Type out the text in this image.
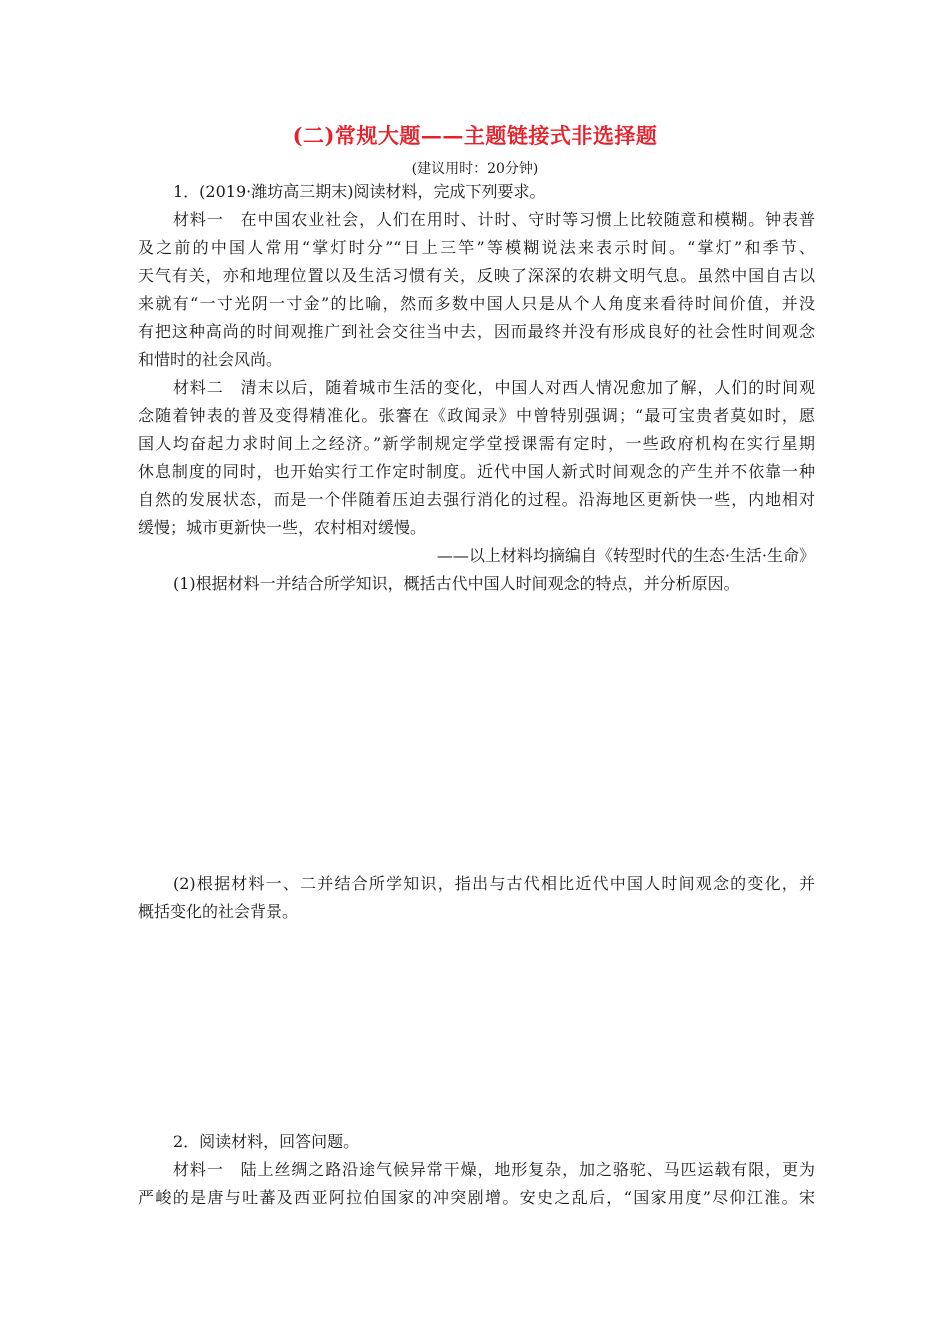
(二)常规大题——主题链接式非选择题
(建议用时：20分钟)
1．(2019·潍坊高三期末)阅读材料，完成下列要求。
材料一　在中国农业社会，人们在用时、计时、守时等习惯上比较随意和模糊。钟表普
及之前的中国人常用“掌灯时分”“日上三竿”等模糊说法来表示时间。“掌灯”和季节、
天气有关，亦和地理位置以及生活习惯有关，反映了深深的农耕文明气息。虽然中国自古以
来就有“一寸光阴一寸金”的比喻，然而多数中国人只是从个人角度来看待时间价值，并没
有把这种高尚的时间观推广到社会交往当中去，因而最终并没有形成良好的社会性时间观念
和惜时的社会风尚。
材料二　清末以后，随着城市生活的变化，中国人对西人情况愈加了解，人们的时间观
念随着钟表的普及变得精准化。张謇在《政闻录》中曾特别强调；“最可宝贵者莫如时，愿
国人均奋起力求时间上之经济。”新学制规定学堂授课需有定时，一些政府机构在实行星期
休息制度的同时，也开始实行工作定时制度。近代中国人新式时间观念的产生并不依靠一种
自然的发展状态，而是一个伴随着压迫去强行消化的过程。沿海地区更新快一些，内地相对
缓慢；城市更新快一些，农村相对缓慢。
——以上材料均摘编自《转型时代的生态·生活·生命》
(1)根据材料一并结合所学知识，概括古代中国人时间观念的特点，并分析原因。
(2)根据材料一、二并结合所学知识，指出与古代相比近代中国人时间观念的变化，并
概括变化的社会背景。
2．阅读材料，回答问题。
材料一　陆上丝绸之路沿途气候异常干燥，地形复杂，加之骆驼、马匹运载有限，更为
严峻的是唐与吐蕃及西亚阿拉伯国家的冲突剧增。安史之乱后，“国家用度”尽仰江淮。宋
